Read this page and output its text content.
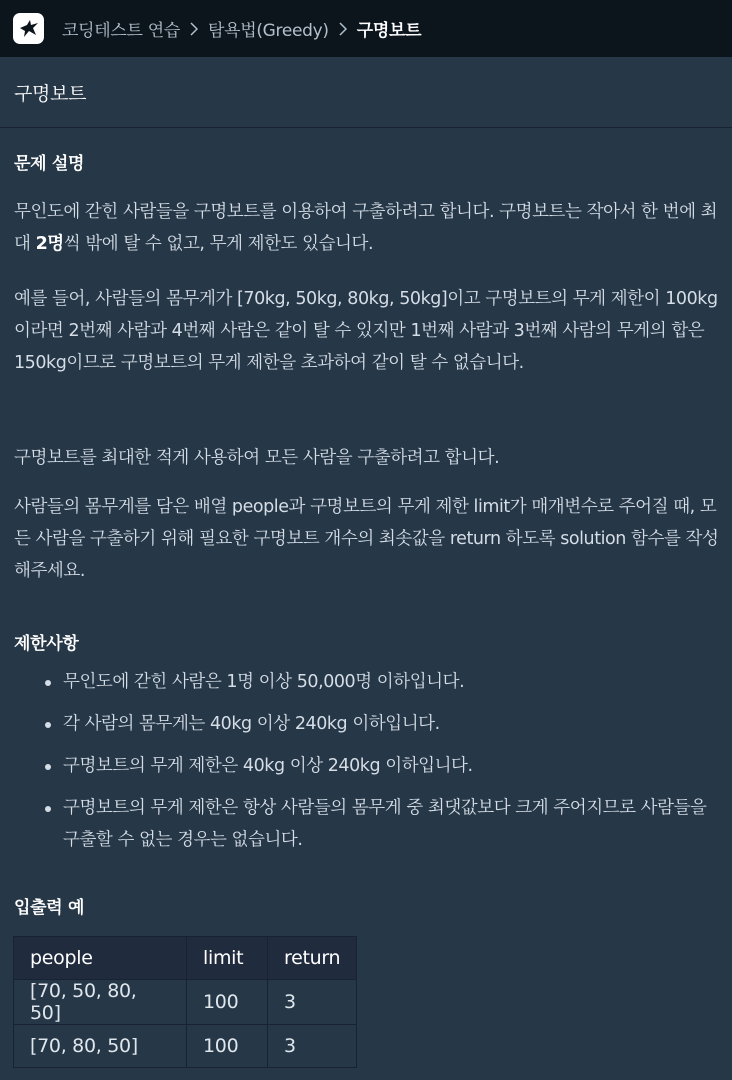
코딩테스트 연습 탐욕법(Greedy) 구명보트
구명보트
문제 설명

무인도에 갇힌 사람들을 구명보트를 이용하여 구출하려고 합니다. 구명보트는 작아서 한 번에 최대 2명씩 밖에 탈 수 없고, 무게 제한도 있습니다.

예를 들어, 사람들의 몸무게가 [70kg, 50kg, 80kg, 50kg]이고 구명보트의 무게 제한이 100kg이라면 2번째 사람과 4번째 사람은 같이 탈 수 있지만 1번째 사람과 3번째 사람의 무게의 합은 150kg이므로 구명보트의 무게 제한을 초과하여 같이 탈 수 없습니다.

구명보트를 최대한 적게 사용하여 모든 사람을 구출하려고 합니다.

사람들의 몸무게를 담은 배열 people과 구명보트의 무게 제한 limit가 매개변수로 주어질 때, 모든 사람을 구출하기 위해 필요한 구명보트 개수의 최솟값을 return 하도록 solution 함수를 작성해주세요.

제한사항
무인도에 갇힌 사람은 1명 이상 50,000명 이하입니다.
각 사람의 몸무게는 40kg 이상 240kg 이하입니다.
구명보트의 무게 제한은 40kg 이상 240kg 이하입니다.
구명보트의 무게 제한은 항상 사람들의 몸무게 중 최댓값보다 크게 주어지므로 사람들을 구출할 수 없는 경우는 없습니다.
입출력 예
people	limit	return
[70, 50, 80, 50]	100	3
[70, 80, 50]	100	3
